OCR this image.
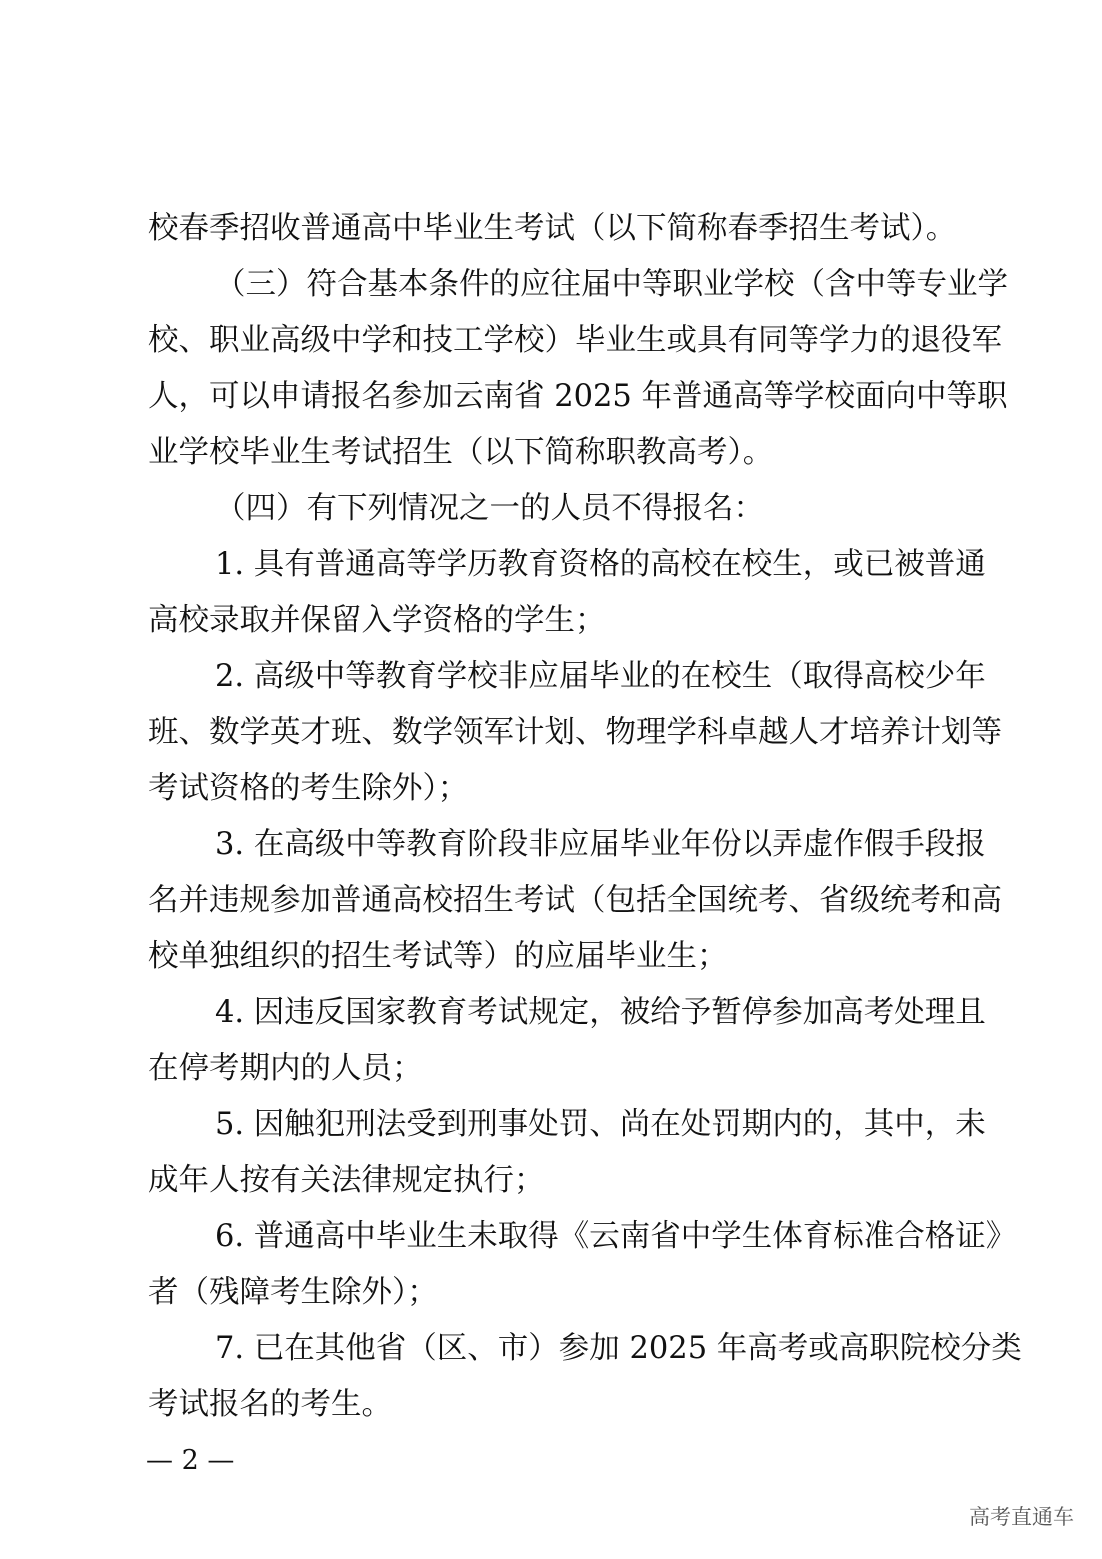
校春季招收普通高中毕业生考试（以下简称春季招生考试）。
（三）符合基本条件的应往届中等职业学校（含中等专业学
校、职业高级中学和技工学校）毕业生或具有同等学力的退役军
人，可以申请报名参加云南省 2025 年普通高等学校面向中等职
业学校毕业生考试招生（以下简称职教高考）。
（四）有下列情况之一的人员不得报名：
1. 具有普通高等学历教育资格的高校在校生，或已被普通
高校录取并保留入学资格的学生；
2. 高级中等教育学校非应届毕业的在校生（取得高校少年
班、数学英才班、数学领军计划、物理学科卓越人才培养计划等
考试资格的考生除外）；
3. 在高级中等教育阶段非应届毕业年份以弄虚作假手段报
名并违规参加普通高校招生考试（包括全国统考、省级统考和高
校单独组织的招生考试等）的应届毕业生；
4. 因违反国家教育考试规定，被给予暂停参加高考处理且
在停考期内的人员；
5. 因触犯刑法受到刑事处罚、尚在处罚期内的，其中，未
成年人按有关法律规定执行；
6. 普通高中毕业生未取得《云南省中学生体育标准合格证》
者（残障考生除外）；
7. 已在其他省（区、市）参加 2025 年高考或高职院校分类
考试报名的考生。
— 2 —
高考直通车
